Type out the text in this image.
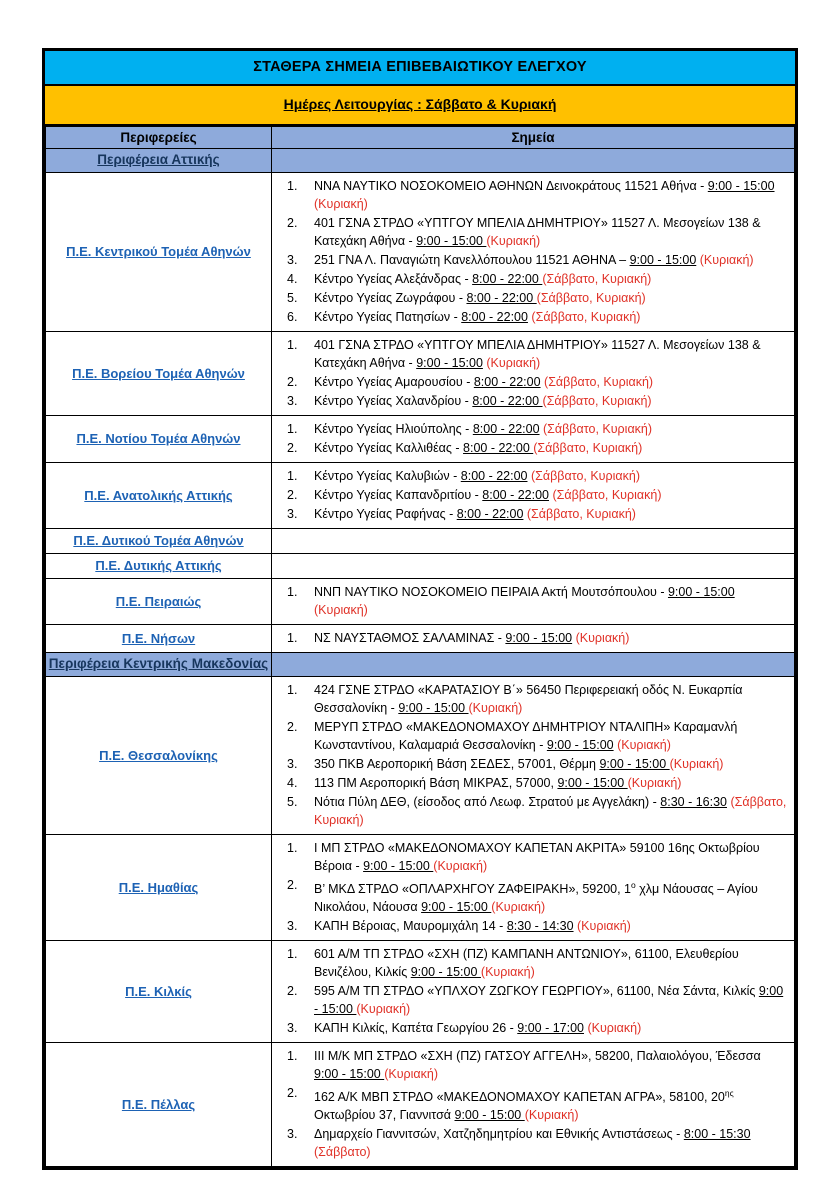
ΣΤΑΘΕΡΑ ΣΗΜΕΙΑ ΕΠΙΒΕΒΑΙΩΤΙΚΟΥ ΕΛΕΓΧΟΥ
Ημέρες Λειτουργίας : Σάββατο & Κυριακή
Περιφερείες	Σημεία
Περιφέρεια Αττικής	
Π.Ε. Κεντρικού Τομέα Αθηνών	
1.	ΝΝΑ ΝΑΥΤΙΚΟ ΝΟΣΟΚΟΜΕΙΟ ΑΘΗΝΩΝ Δεινοκράτους 11521 Αθήνα - 9:00 - 15:00 (Κυριακή)
2.	401 ΓΣΝΑ ΣΤΡΔΟ «ΥΠΤΓΟΥ ΜΠΕΛΙΑ ΔΗΜΗΤΡΙΟΥ» 11527 Λ. Μεσογείων 138 & Κατεχάκη Αθήνα - 9:00 - 15:00 (Κυριακή)
3.	251 ΓΝΑ Λ. Παναγιώτη Κανελλόπουλου 11521 ΑΘΗΝΑ – 9:00 - 15:00 (Κυριακή)
4.	Κέντρο Υγείας Αλεξάνδρας - 8:00 - 22:00 (Σάββατο, Κυριακή)
5.	Κέντρο Υγείας Ζωγράφου - 8:00 - 22:00 (Σάββατο, Κυριακή)
6.	Κέντρο Υγείας Πατησίων - 8:00 - 22:00 (Σάββατο, Κυριακή)

Π.Ε. Βορείου Τομέα Αθηνών	
1.	401 ΓΣΝΑ ΣΤΡΔΟ «ΥΠΤΓΟΥ ΜΠΕΛΙΑ ΔΗΜΗΤΡΙΟΥ» 11527 Λ. Μεσογείων 138 & Κατεχάκη Αθήνα - 9:00 - 15:00 (Κυριακή)
2.	Κέντρο Υγείας Αμαρουσίου - 8:00 - 22:00 (Σάββατο, Κυριακή)
3.	Κέντρο Υγείας Χαλανδρίου - 8:00 - 22:00 (Σάββατο, Κυριακή)

Π.Ε. Νοτίου Τομέα Αθηνών	1. Κέντρο Υγείας Ηλιούπολης - 8:00 - 22:00 (Σάββατο, Κυριακή)
2. Κέντρο Υγείας Καλλιθέας - 8:00 - 22:00 (Σάββατο, Κυριακή)

Π.Ε. Ανατολικής Αττικής	
1.	Κέντρο Υγείας Καλυβιών - 8:00 - 22:00 (Σάββατο, Κυριακή)
2.	Κέντρο Υγείας Καπανδριτίου - 8:00 - 22:00 (Σάββατο, Κυριακή)
3.	Κέντρο Υγείας Ραφήνας - 8:00 - 22:00 (Σάββατο, Κυριακή)

Π.Ε. Δυτικού Τομέα Αθηνών	
Π.Ε. Δυτικής Αττικής	
Π.Ε. Πειραιώς	1. ΝΝΠ ΝΑΥΤΙΚΟ ΝΟΣΟΚΟΜΕΙΟ ΠΕΙΡΑΙΑ Ακτή Μουτσόπουλου - 9:00 - 15:00 (Κυριακή)

Π.Ε. Νήσων	1. ΝΣ ΝΑΥΣΤΑΘΜΟΣ ΣΑΛΑΜΙΝΑΣ - 9:00 - 15:00 (Κυριακή)

Περιφέρεια Κεντρικής Μακεδονίας	
Π.Ε. Θεσσαλονίκης	
1.	424 ΓΣΝΕ ΣΤΡΔΟ «ΚΑΡΑΤΑΣΙΟΥ Β΄» 56450 Περιφερειακή οδός Ν. Ευκαρπία Θεσσαλονίκη - 9:00 - 15:00 (Κυριακή)
2.	ΜΕΡΥΠ ΣΤΡΔΟ «ΜΑΚΕΔΟΝΟΜΑΧΟΥ ΔΗΜΗΤΡΙΟΥ ΝΤΑΛΙΠΗ» Καραμανλή Κωνσταντίνου, Καλαμαριά Θεσσαλονίκη - 9:00 - 15:00 (Κυριακή)
3.	350 ΠΚΒ Αεροπορική Βάση ΣΕΔΕΣ, 57001, Θέρμη 9:00 - 15:00 (Κυριακή)
4.	113 ΠΜ Αεροπορική Βάση ΜΙΚΡΑΣ, 57000, 9:00 - 15:00 (Κυριακή)
5.	Νότια Πύλη ΔΕΘ, (είσοδος από Λεωφ. Στρατού με Αγγελάκη) - 8:30 - 16:30 (Σάββατο, Κυριακή)

Π.Ε. Ημαθίας	
1.	Ι ΜΠ ΣΤΡΔΟ «ΜΑΚΕΔΟΝΟΜΑΧΟΥ ΚΑΠΕΤΑΝ ΑΚΡΙΤΑ» 59100 16ης Οκτωβρίου Βέροια - 9:00 - 15:00 (Κυριακή)
2.	Β’ ΜΚΔ ΣΤΡΔΟ «ΟΠΛΑΡΧΗΓΟΥ ΖΑΦΕΙΡΑΚΗ», 59200, $1^o$ χλμ Νάουσας – Αγίου Νικολάου, Νάουσα 9:00 - 15:00 (Κυριακή)
3.	ΚΑΠΗ Βέροιας, Μαυρομιχάλη 14 - 8:30 - 14:30 (Κυριακή)

Π.Ε. Κιλκίς	
1.	601 Α/Μ ΤΠ ΣΤΡΔΟ «ΣΧΗ (ΠΖ) ΚΑΜΠΑΝΗ ΑΝΤΩΝΙΟΥ», 61100, Ελευθερίου Βενιζέλου, Κιλκίς 9:00 - 15:00 (Κυριακή)
2.	595 Α/Μ ΤΠ ΣΤΡΔΟ «ΥΠΛΧΟΥ ΖΩΓΚΟΥ ΓΕΩΡΓΙΟΥ», 61100, Νέα Σάντα, Κιλκίς 9:00 - 15:00 (Κυριακή)
3.	ΚΑΠΗ Κιλκίς, Καπέτα Γεωργίου 26 - 9:00 - 17:00 (Κυριακή)

Π.Ε. Πέλλας	
1.	ΙΙΙ Μ/Κ ΜΠ ΣΤΡΔΟ «ΣΧΗ (ΠΖ) ΓΑΤΣΟΥ ΑΓΓΕΛΗ», 58200, Παλαιολόγου, Έδεσσα 9:00 - 15:00 (Κυριακή)
2.	162 Α/Κ ΜΒΠ ΣΤΡΔΟ «ΜΑΚΕΔΟΝΟΜΑΧΟΥ ΚΑΠΕΤΑΝ ΑΓΡΑ», 58100, $20^{\eta\varsigma}$ Οκτωβρίου 37, Γιαννιτσά 9:00 - 15:00 (Κυριακή)
3.	Δημαρχείο Γιαννιτσών, Χατζηδημητρίου και Εθνικής Αντιστάσεως - 8:00 - 15:30 (Σάββατο)
